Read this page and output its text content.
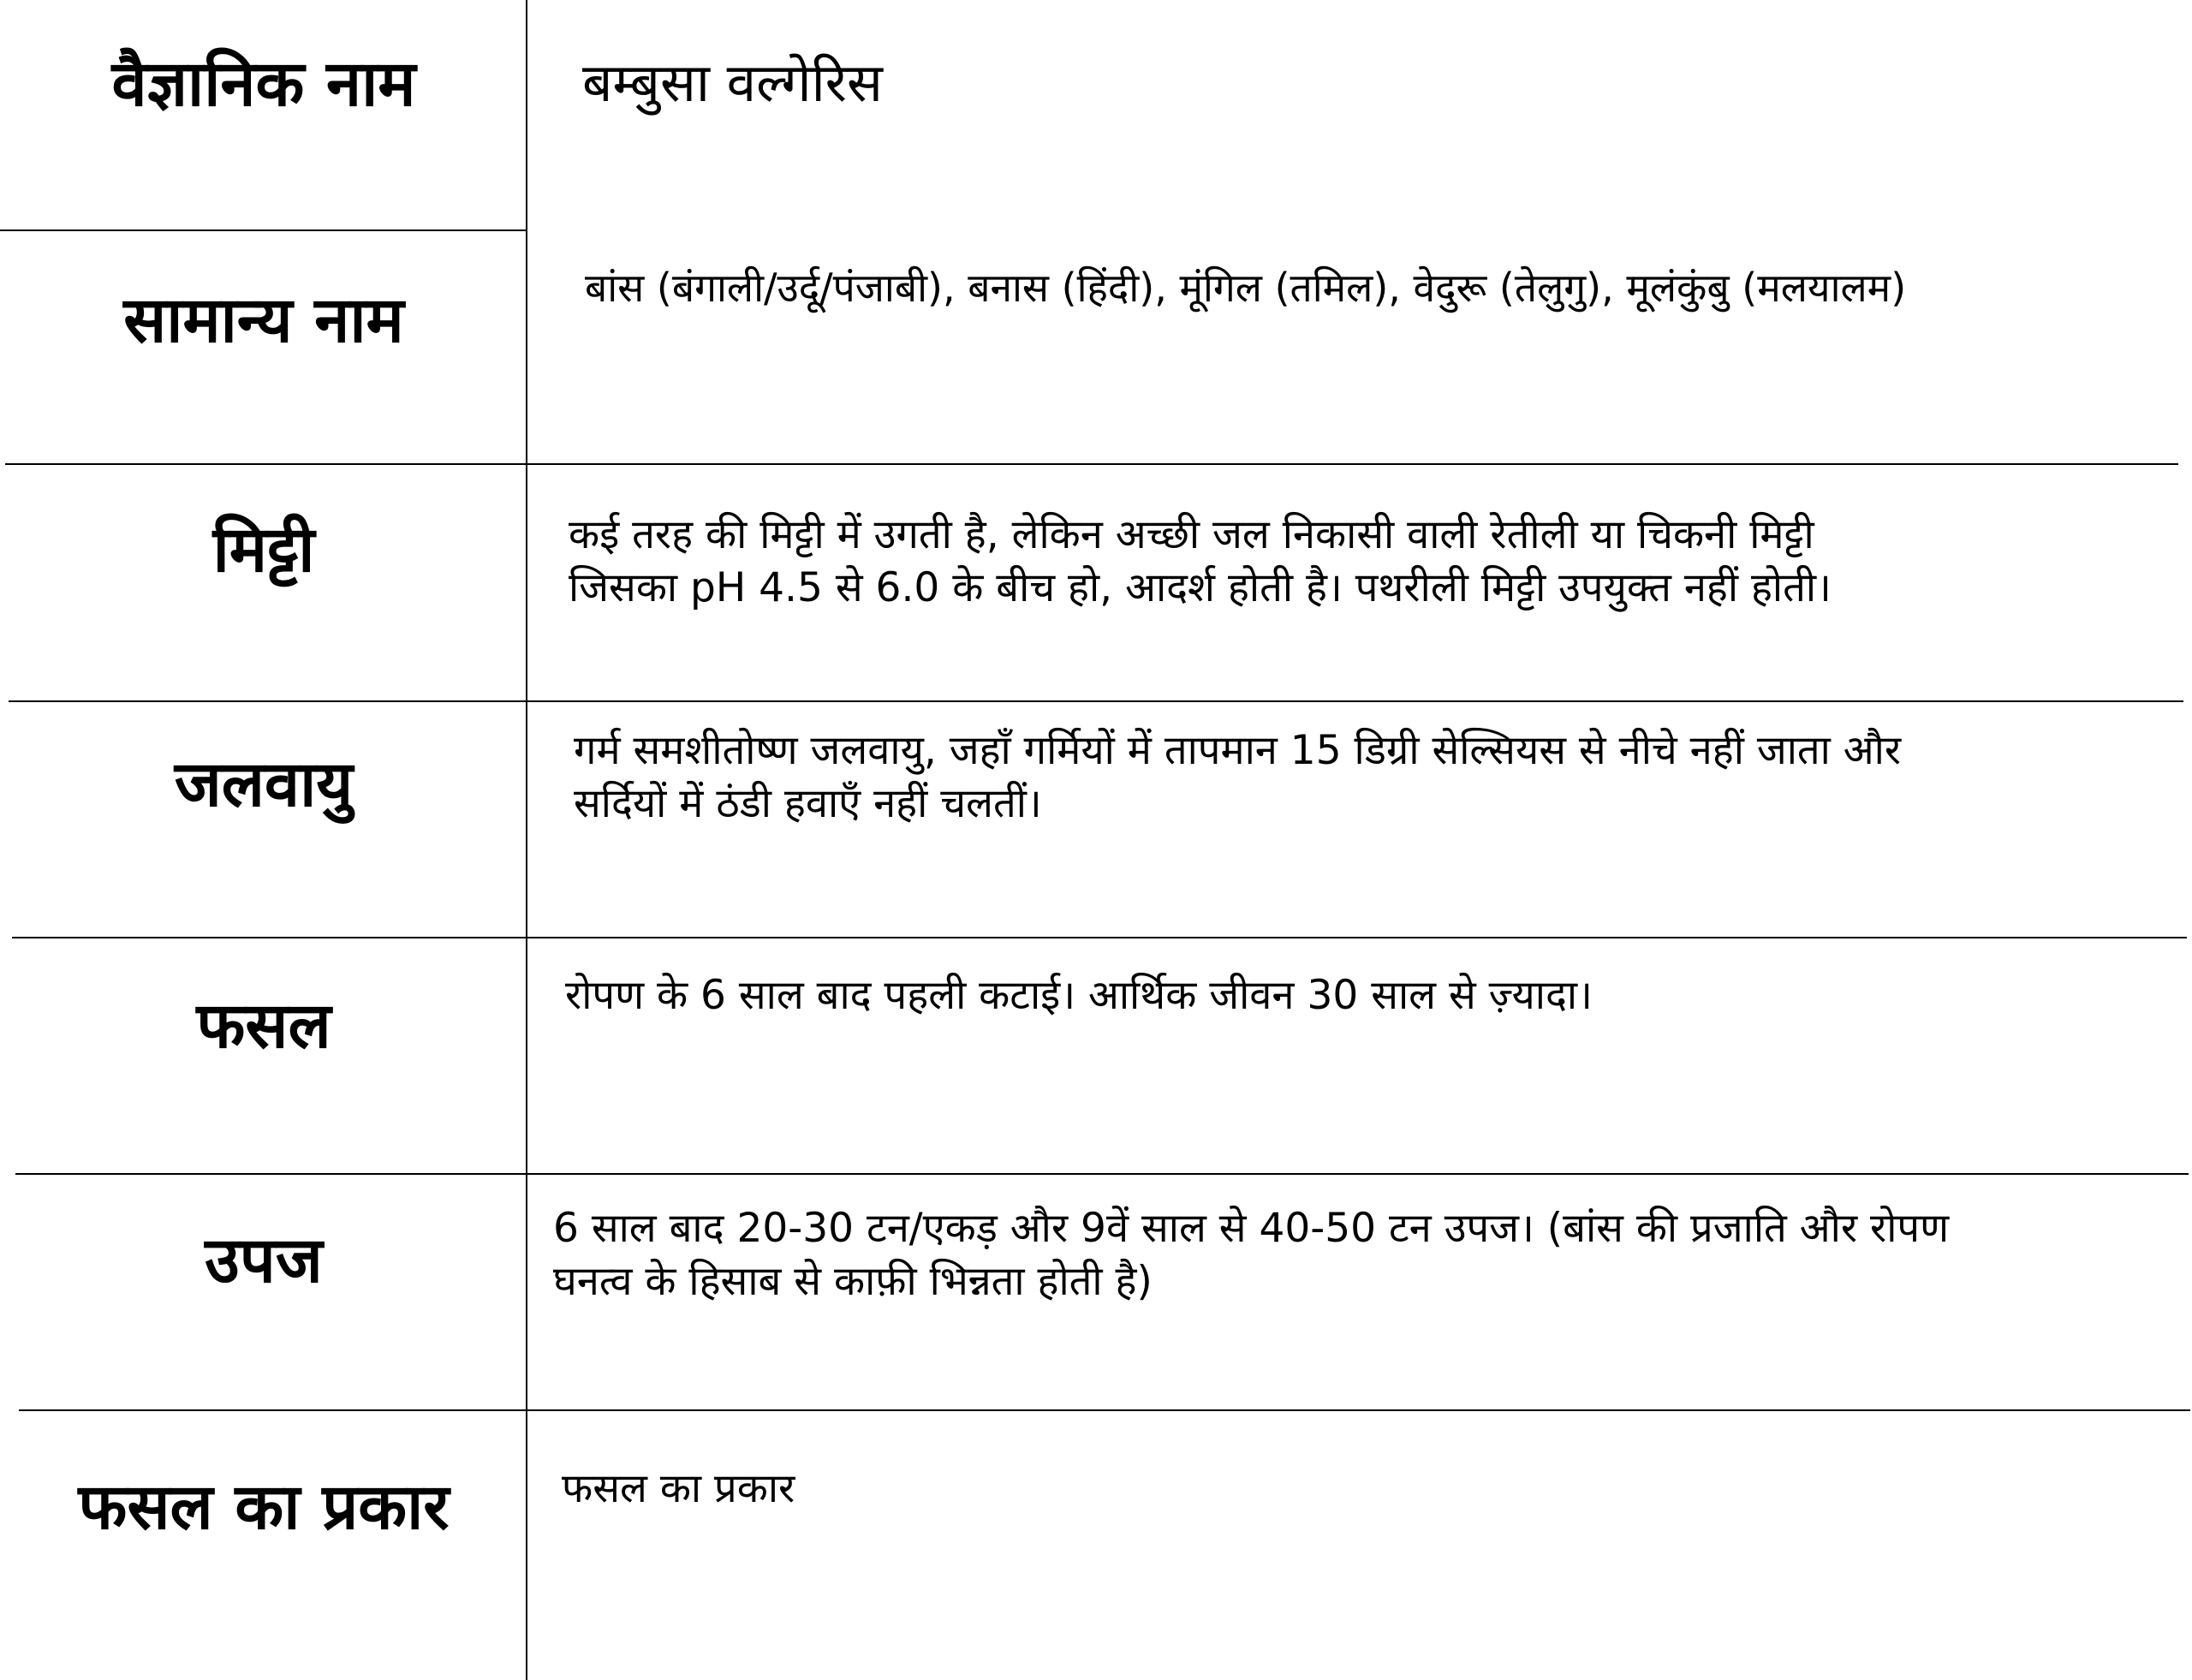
वैज्ञानिक नाम	बम्बुसा वल्गेरिस
सामान्य नाम	बांस (बंगाली/उर्दू/पंजाबी), बनास (हिंदी), मूंगिल (तमिल), वेदुरू (तेलुगु), मूलंकुंबु (मलयालम)
मिट्टी	कई तरह की मिट्टी में उगती है, लेकिन अच्छी जल निकासी वाली रेतीली या चिकनी मिट्टी
जिसका pH 4.5 से 6.0 के बीच हो, आदर्श होती है। पथरीली मिट्टी उपयुक्त नहीं होती।
जलवायु	गर्म समशीतोष्ण जलवायु, जहाँ गर्मियों में तापमान 15 डिग्री सेल्सियस से नीचे नहीं जाता और
सर्दियों में ठंडी हवाएँ नहीं चलतीं।
फसल	रोपण के 6 साल बाद पहली कटाई। आर्थिक जीवन 30 साल से ज़्यादा।
उपज	6 साल बाद 20-30 टन/एकड़ और 9वें साल से 40-50 टन उपज। (बांस की प्रजाति और रोपण
घनत्व के हिसाब से काफ़ी भिन्नता होती है)
फसल का प्रकार	फसल का प्रकार
